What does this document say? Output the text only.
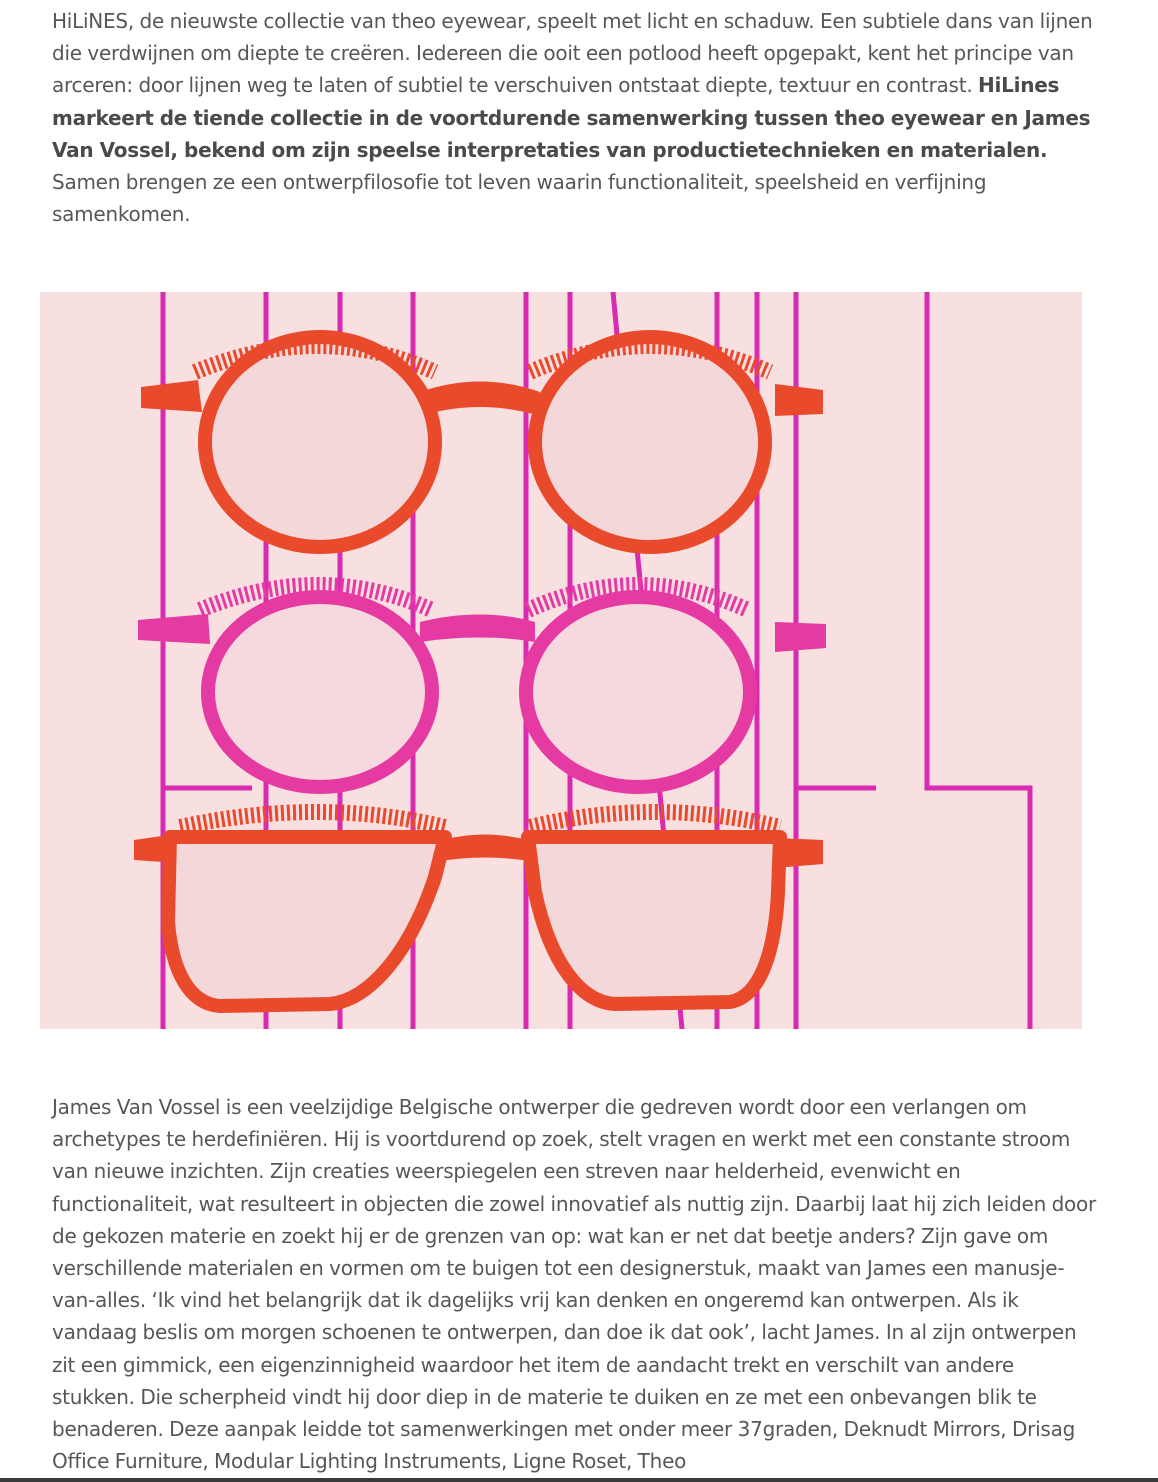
HiLiNES, de nieuwste collectie van theo eyewear, speelt met licht en schaduw. Een subtiele dans van lijnen die verdwijnen om diepte te creëren. Iedereen die ooit een potlood heeft opgepakt, kent het principe van arceren: door lijnen weg te laten of subtiel te verschuiven ontstaat diepte, textuur en contrast. HiLines markeert de tiende collectie in de voortdurende samenwerking tussen theo eyewear en James Van Vossel, bekend om zijn speelse interpretaties van productietechnieken en materialen. Samen brengen ze een ontwerpfilosofie tot leven waarin functionaliteit, speelsheid en verfijning samenkomen.

James Van Vossel is een veelzijdige Belgische ontwerper die gedreven wordt door een verlangen om archetypes te herdefiniëren. Hij is voortdurend op zoek, stelt vragen en werkt met een constante stroom van nieuwe inzichten. Zijn creaties weerspiegelen een streven naar helderheid, evenwicht en functionaliteit, wat resulteert in objecten die zowel innovatief als nuttig zijn. Daarbij laat hij zich leiden door de gekozen materie en zoekt hij er de grenzen van op: wat kan er net dat beetje anders? Zijn gave om verschillende materialen en vormen om te buigen tot een designerstuk, maakt van James een manusje-van-alles. ‘Ik vind het belangrijk dat ik dagelijks vrij kan denken en ongeremd kan ontwerpen. Als ik vandaag beslis om morgen schoenen te ontwerpen, dan doe ik dat ook’, lacht James. In al zijn ontwerpen zit een gimmick, een eigenzinnigheid waardoor het item de aandacht trekt en verschilt van andere stukken. Die scherpheid vindt hij door diep in de materie te duiken en ze met een onbevangen blik te benaderen. Deze aanpak leidde tot samenwerkingen met onder meer 37graden, Deknudt Mirrors, Drisag Office Furniture, Modular Lighting Instruments, Ligne Roset, Theo
